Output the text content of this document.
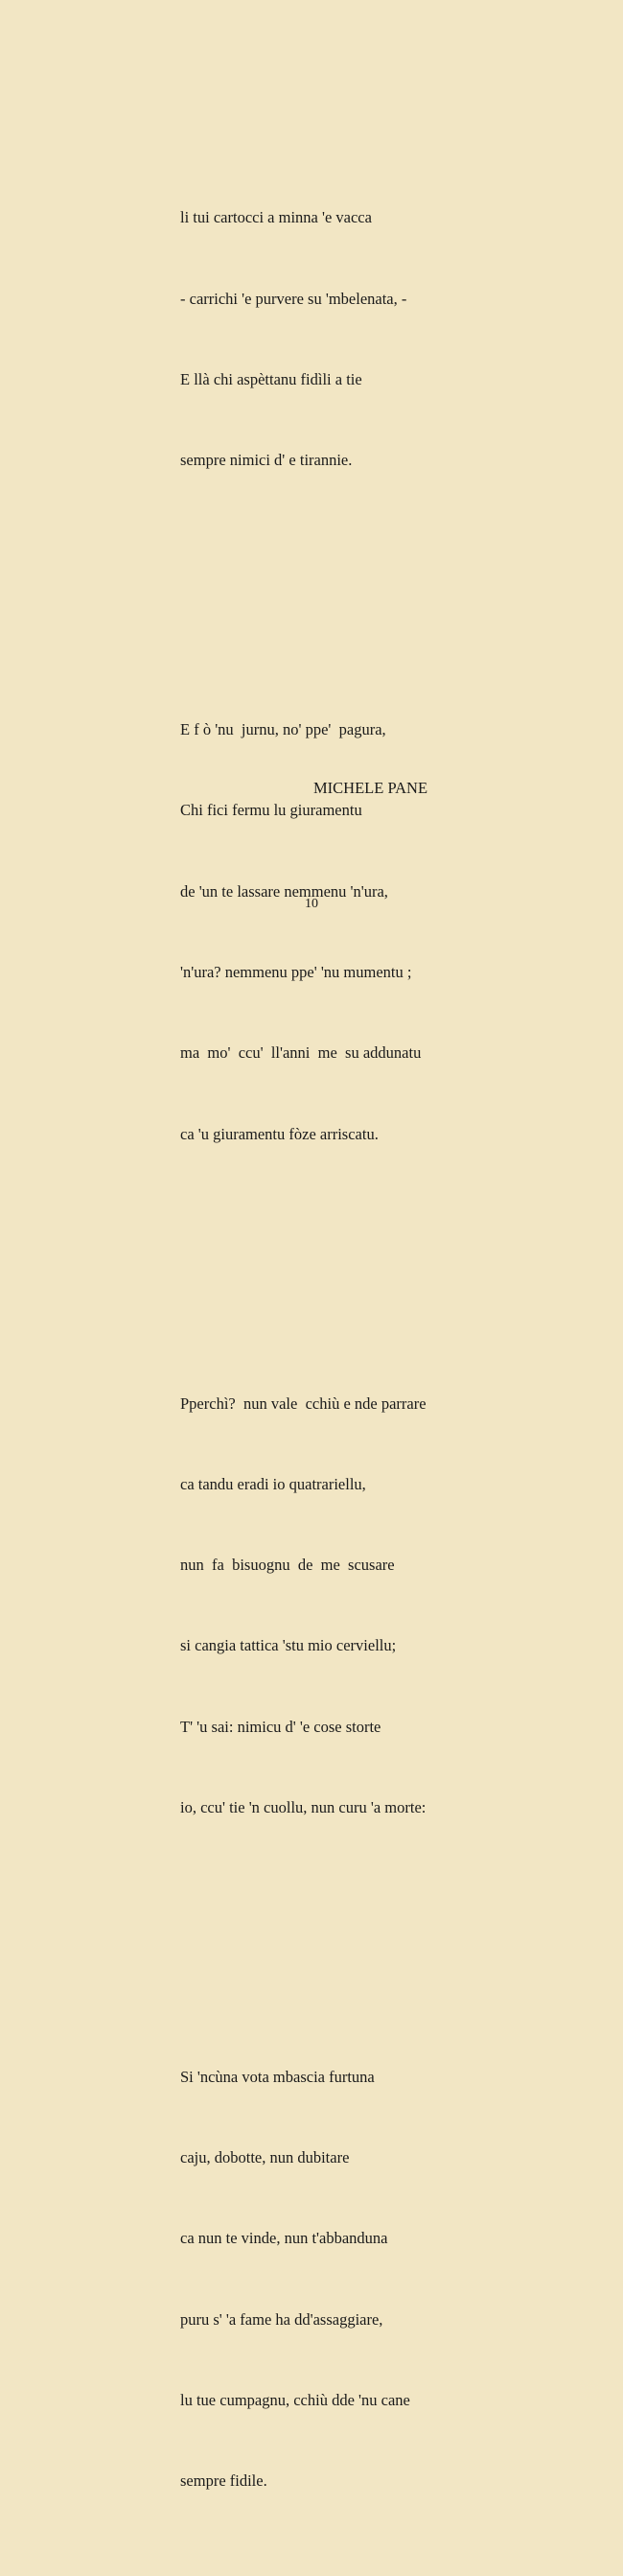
li tui cartocci a minna 'e vacca

- carrichi 'e purvere su 'mbelenata, -

E llà chi aspèttanu fidìli a tie

sempre nimici d' e tirannie.

E f ò 'nu  jurnu, no' ppe'  pagura,

Chi fici fermu lu giuramentu

de 'un te lassare nemmenu 'n'ura,

'n'ura? nemmenu ppe' 'nu mumentu ;

ma  mo'  ccu'  ll'anni  me  su addunatu

ca 'u giuramentu fòze arriscatu.

Pperchì?  nun vale  cchiù e nde parrare

ca tandu eradi io quatrariellu,

nun  fa  bisuognu  de  me  scusare

si cangia tattica 'stu mio cerviellu;

T' 'u sai: nimicu d' 'e cose storte

io, ccu' tie 'n cuollu, nun curu 'a morte:

Si 'ncùna vota mbascia furtuna

caju, dobotte, nun dubitare

ca nun te vinde, nun t'abbanduna

puru s' 'a fame ha dd'assaggiare,

lu tue cumpagnu, cchiù dde 'nu cane

sempre fidile.

MICHELE PANE
10
